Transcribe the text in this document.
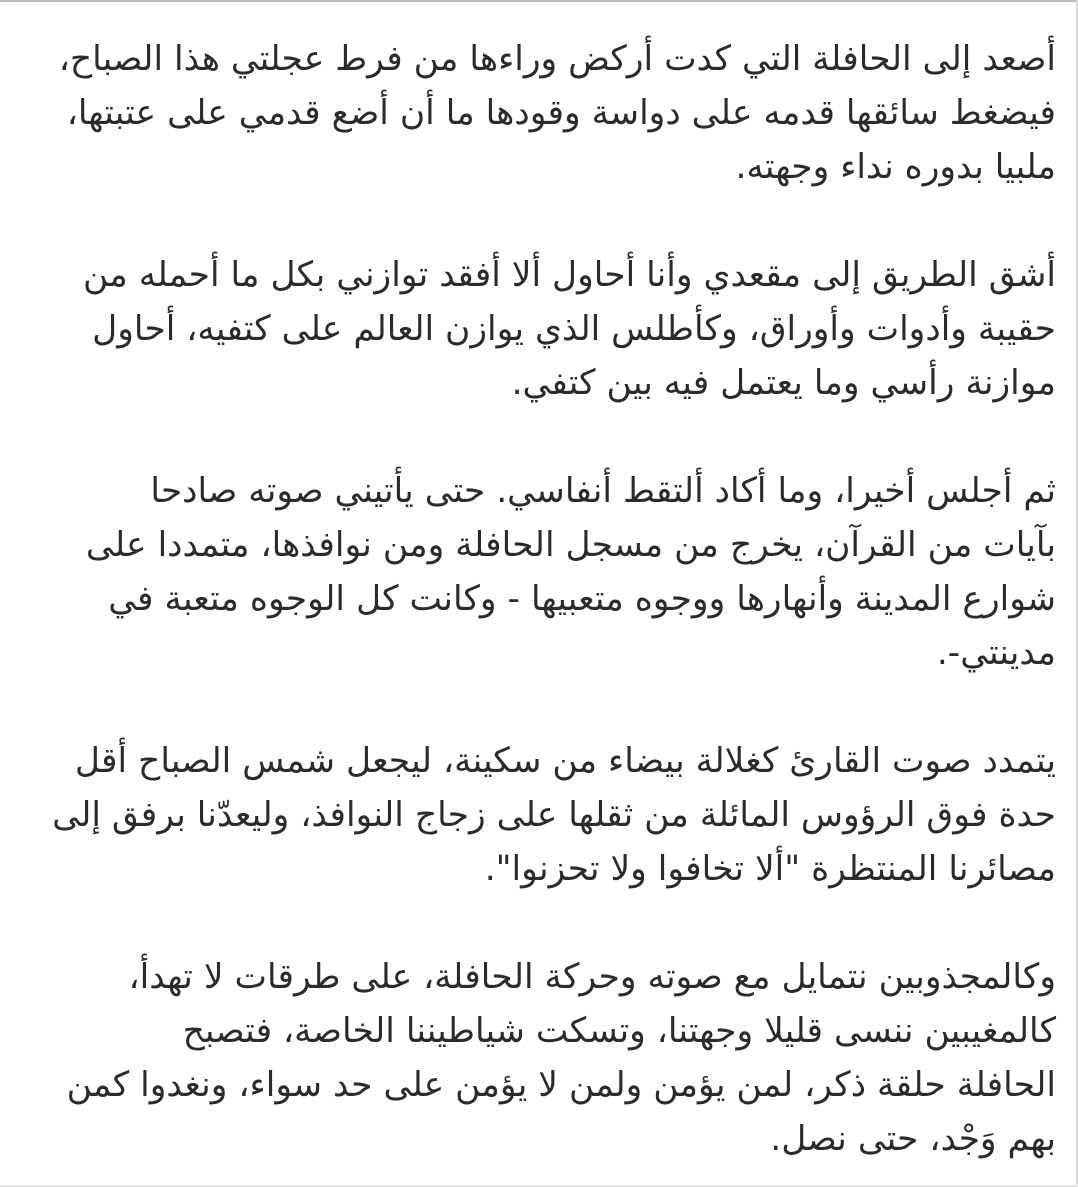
أصعد إلى الحافلة التي كدت أركض وراءها من فرط عجلتي هذا الصباح،
فيضغط سائقها قدمه على دواسة وقودها ما أن أضع قدمي على عتبتها،
ملبيا بدوره نداء وجهته.

أشق الطريق إلى مقعدي وأنا أحاول ألا أفقد توازني بكل ما أحمله من
حقيبة وأدوات وأوراق، وكأطلس الذي يوازن العالم على كتفيه، أحاول
موازنة رأسي وما يعتمل فيه بين كتفي.

ثم أجلس أخيرا، وما أكاد ألتقط أنفاسي. حتى يأتيني صوته صادحا
بآيات من القرآن، يخرج من مسجل الحافلة ومن نوافذها، متمددا على
شوارع المدينة وأنهارها ووجوه متعبيها - وكانت كل الوجوه متعبة في
مدينتي-.

يتمدد صوت القارئ كغلالة بيضاء من سكينة، ليجعل شمس الصباح أقل
حدة فوق الرؤوس المائلة من ثقلها على زجاج النوافذ، وليعدّنا برفق إلى
مصائرنا المنتظرة "ألا تخافوا ولا تحزنوا".

وكالمجذوبين نتمايل مع صوته وحركة الحافلة، على طرقات لا تهدأ،
كالمغيبين ننسى قليلا وجهتنا، وتسكت شياطيننا الخاصة، فتصبح
الحافلة حلقة ذكر، لمن يؤمن ولمن لا يؤمن على حد سواء، ونغدوا كمن
بهم وَجْد، حتى نصل.
